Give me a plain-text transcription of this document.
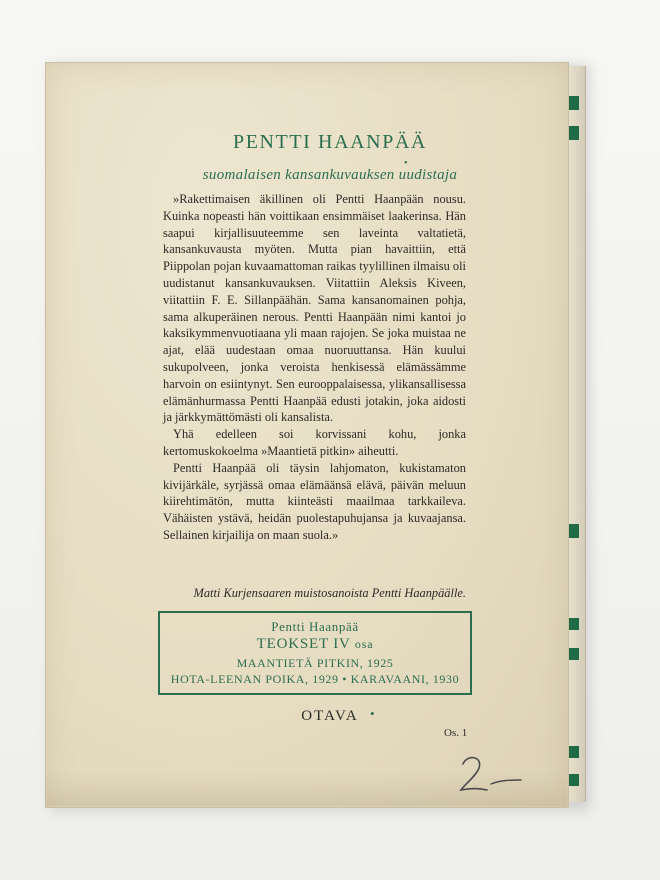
PENTTI HAANPÄÄ
•
suomalaisen kansankuvauksen uudistaja

»Rakettimaisen äkillinen oli Pentti Haanpään nousu. Kuinka nopeasti hän voittikaan ensimmäiset laakerinsa. Hän saapui kirjallisuuteemme sen laveinta valtatietä, kansankuvausta myöten. Mutta pian havaittiin, että Piippolan pojan kuvaamattoman raikas tyylillinen ilmaisu oli uudistanut kansankuvauksen. Viitattiin Aleksis Kiveen, viitattiin F. E. Sillanpäähän. Sama kansanomainen pohja, sama alkuperäinen nerous. Pentti Haanpään nimi kantoi jo kaksikymmenvuotiaana yli maan rajojen. Se joka muistaa ne ajat, elää uudestaan omaa nuoruuttansa. Hän kuului sukupolveen, jonka veroista henkisessä elämässämme harvoin on esiintynyt. Sen eurooppalaisessa, ylikansallisessa elämänhurmassa Pentti Haanpää edusti jotakin, joka aidosti ja järkkymättömästi oli kansalista.

Yhä edelleen soi korvissani kohu, jonka kertomuskokoelma »Maantietä pitkin» aiheutti.

Pentti Haanpää oli täysin lahjomaton, kukistamaton kivijärkäle, syrjässä omaa elämäänsä elävä, päivän meluun kiirehtimätön, mutta kiinteästi maailmaa tarkkaileva. Vähäisten ystävä, heidän puolestapuhujansa ja kuvaajansa. Sellainen kirjailija on maan suola.»

Matti Kurjensaaren muistosanoista Pentti Haanpäälle.
Pentti Haanpää
TEOKSET IV osa
MAANTIETÄ PITKIN, 1925
HOTA-LEENAN POIKA, 1929 • KARAVAANI, 1930
OTAVA •
Os. 1
